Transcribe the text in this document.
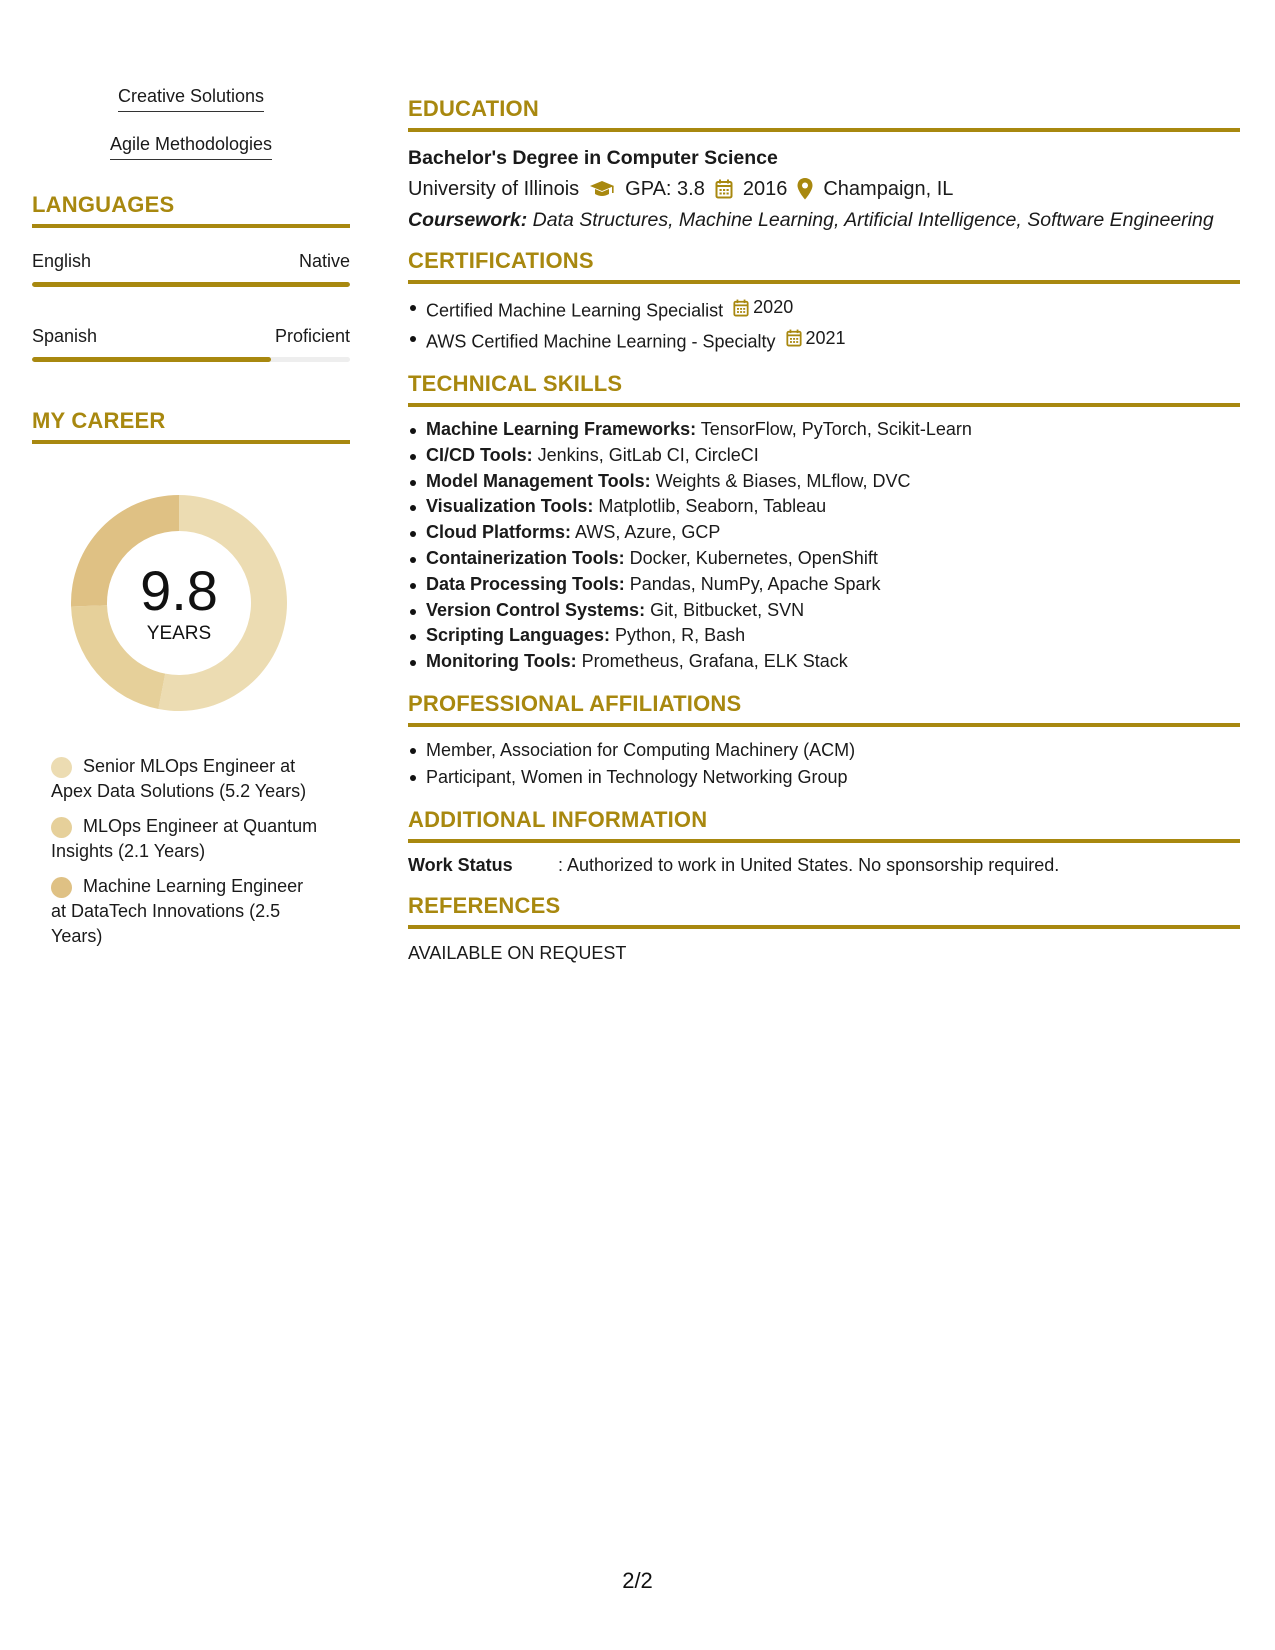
Creative Solutions
Agile Methodologies
LANGUAGES
English	Native
Spanish	Proficient
MY CAREER
9.8
YEARS
Senior MLOps Engineer at Apex Data Solutions (5.2 Years)
MLOps Engineer at Quantum Insights (2.1 Years)
Machine Learning Engineer at DataTech Innovations (2.5 Years)
EDUCATION
Bachelor's Degree in Computer Science
University of Illinois GPA: 3.8 2016 Champaign, IL
Coursework: Data Structures, Machine Learning, Artificial Intelligence, Software Engineering
CERTIFICATIONS
Certified Machine Learning Specialist 2020
AWS Certified Machine Learning - Specialty 2021
TECHNICAL SKILLS
Machine Learning Frameworks: TensorFlow, PyTorch, Scikit-Learn
CI/CD Tools: Jenkins, GitLab CI, CircleCI
Model Management Tools: Weights & Biases, MLflow, DVC
Visualization Tools: Matplotlib, Seaborn, Tableau
Cloud Platforms: AWS, Azure, GCP
Containerization Tools: Docker, Kubernetes, OpenShift
Data Processing Tools: Pandas, NumPy, Apache Spark
Version Control Systems: Git, Bitbucket, SVN
Scripting Languages: Python, R, Bash
Monitoring Tools: Prometheus, Grafana, ELK Stack
PROFESSIONAL AFFILIATIONS
Member, Association for Computing Machinery (ACM)
Participant, Women in Technology Networking Group
ADDITIONAL INFORMATION
Work Status	: Authorized to work in United States. No sponsorship required.
REFERENCES
AVAILABLE ON REQUEST
2/2
